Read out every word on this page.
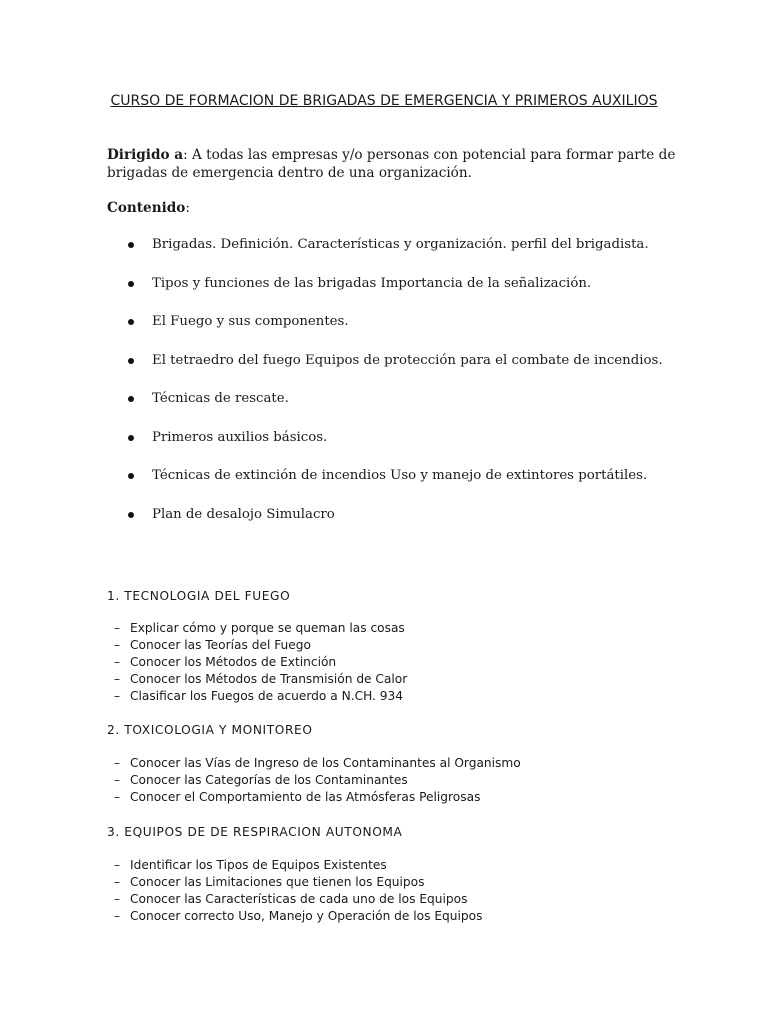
CURSO DE FORMACION DE BRIGADAS DE EMERGENCIA Y PRIMEROS AUXILIOS
Dirigido a: A todas las empresas y/o personas con potencial para formar parte de brigadas de emergencia dentro de una organización.
Contenido:
Brigadas. Definición. Características y organización. perfil del brigadista.
Tipos y funciones de las brigadas Importancia de la señalización.
El Fuego y sus componentes.
El tetraedro del fuego Equipos de protección para el combate de incendios.
Técnicas de rescate.
Primeros auxilios básicos.
Técnicas de extinción de incendios Uso y manejo de extintores portátiles.
Plan de desalojo Simulacro
1. TECNOLOGIA DEL FUEGO
– Explicar cómo y porque se queman las cosas
– Conocer las Teorías del Fuego
– Conocer los Métodos de Extinción
– Conocer los Métodos de Transmisión de Calor
– Clasificar los Fuegos de acuerdo a N.CH. 934
2. TOXICOLOGIA Y MONITOREO
– Conocer las Vías de Ingreso de los Contaminantes al Organismo
– Conocer las Categorías de los Contaminantes
– Conocer el Comportamiento de las Atmósferas Peligrosas
3. EQUIPOS DE DE RESPIRACION AUTONOMA
– Identificar los Tipos de Equipos Existentes
– Conocer las Limitaciones que tienen los Equipos
– Conocer las Características de cada uno de los Equipos
– Conocer correcto Uso, Manejo y Operación de los Equipos
